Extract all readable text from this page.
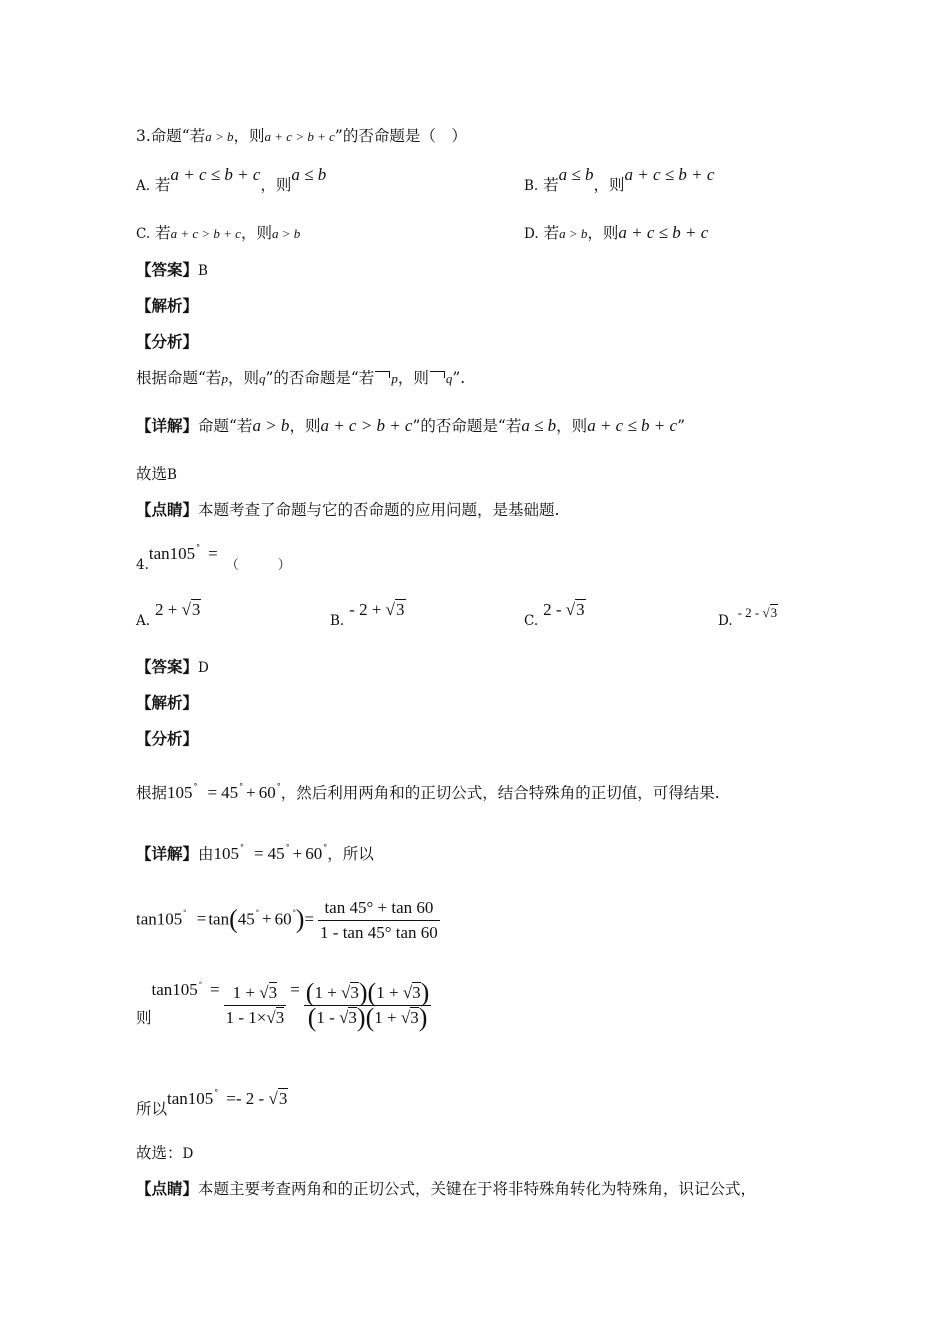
3.命题“若a > b，则a + c > b + c”的否命题是（　）
A. 若a + c ≤ b + c，则a ≤ b
B. 若a ≤ b，则a + c ≤ b + c
C. 若a + c > b + c，则a > b	D. 若a > b，则a + c ≤ b + c
【答案】B
【解析】
【分析】
根据命题“若p，则q”的否命题是“若 p，则 q”.
【详解】命题“若a > b，则a + c > b + c”的否命题是“若a ≤ b，则a + c ≤ b + c”
故选B
【点睛】本题考查了命题与它的否命题的应用问题，是基础题.
$4.\tan 105^\circ =_{( )}$
A. 2 + √3
B. - 2 + √3
C. 2 - √3
D. - 2 - √3
【答案】D
【解析】
【分析】
根据105° = 45° + 60°，然后利用两角和的正切公式，结合特殊角的正切值，可得结果.
【详解】由105° = 45° + 60°，所以
$\tan 105^\circ = \tan(45^\circ + 60^\circ)= \frac{\tan 45^\circ + \tan 60}{1 - \tan 45^\circ \tan 60}$
则$\tan 105^\circ = \frac{1 + √3}{1 - 1\times√3} = \frac{(1 + √3)(1 + √3)}{(1 - √3)(1 + √3)}$
所以tan105° =- 2 - √3
故选：D
【点睛】本题主要考查两角和的正切公式，关键在于将非特殊角转化为特殊角，识记公式，
